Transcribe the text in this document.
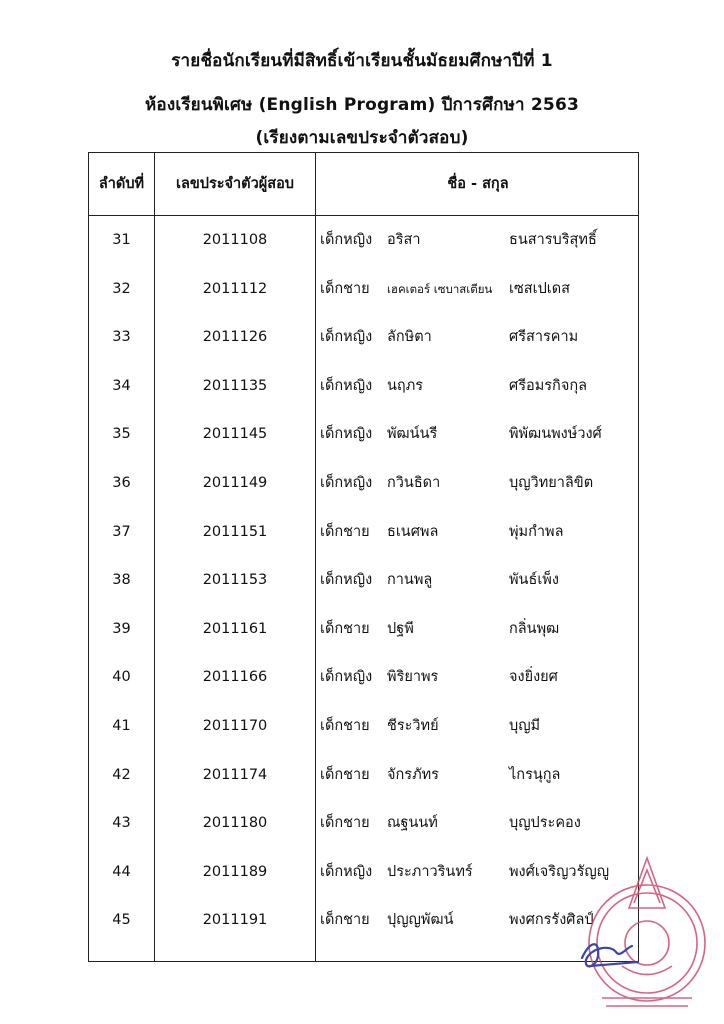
รายชื่อนักเรียนที่มีสิทธิ์เข้าเรียนชั้นมัธยมศึกษาปีที่ 1
ห้องเรียนพิเศษ (English Program) ปีการศึกษา 2563
(เรียงตามเลขประจำตัวสอบ)
ลำดับที่	เลขประจำตัวผู้สอบ	ชื่อ - สกุล
31	2011108	เด็กหญิง อริสา	ธนสารบริสุทธิ์
32	2011112	เด็กชาย เฮคเตอร์ เซบาสเตียน เซสเปเดส
33	2011126	เด็กหญิง ลักษิตา	ศรีสารคาม
34	2011135	เด็กหญิง นฤภร	ศรีอมรกิจกุล
35	2011145	เด็กหญิง พัฒน์นรี	พิพัฒนพงษ์วงศ์
36	2011149	เด็กหญิง กวินธิดา	บุญวิทยาลิขิต
37	2011151	เด็กชาย ธเนศพล	พุ่มกำพล
38	2011153	เด็กหญิง กานพลู	พันธ์เพ็ง
39	2011161	เด็กชาย ปฐพี	กลิ่นพุฒ
40	2011166	เด็กหญิง พิริยาพร	จงยิ่งยศ
41	2011170	เด็กชาย ชีระวิทย์	บุญมี
42	2011174	เด็กชาย จักรภัทร	ไกรนุกูล
43	2011180	เด็กชาย ณฐนนท์	บุญประคอง
44	2011189	เด็กหญิง ประภาวรินทร์	พงศ์เจริญวรัญญู
45	2011191	เด็กชาย ปุญญพัฒน์	พงศกรรังศิลป์
